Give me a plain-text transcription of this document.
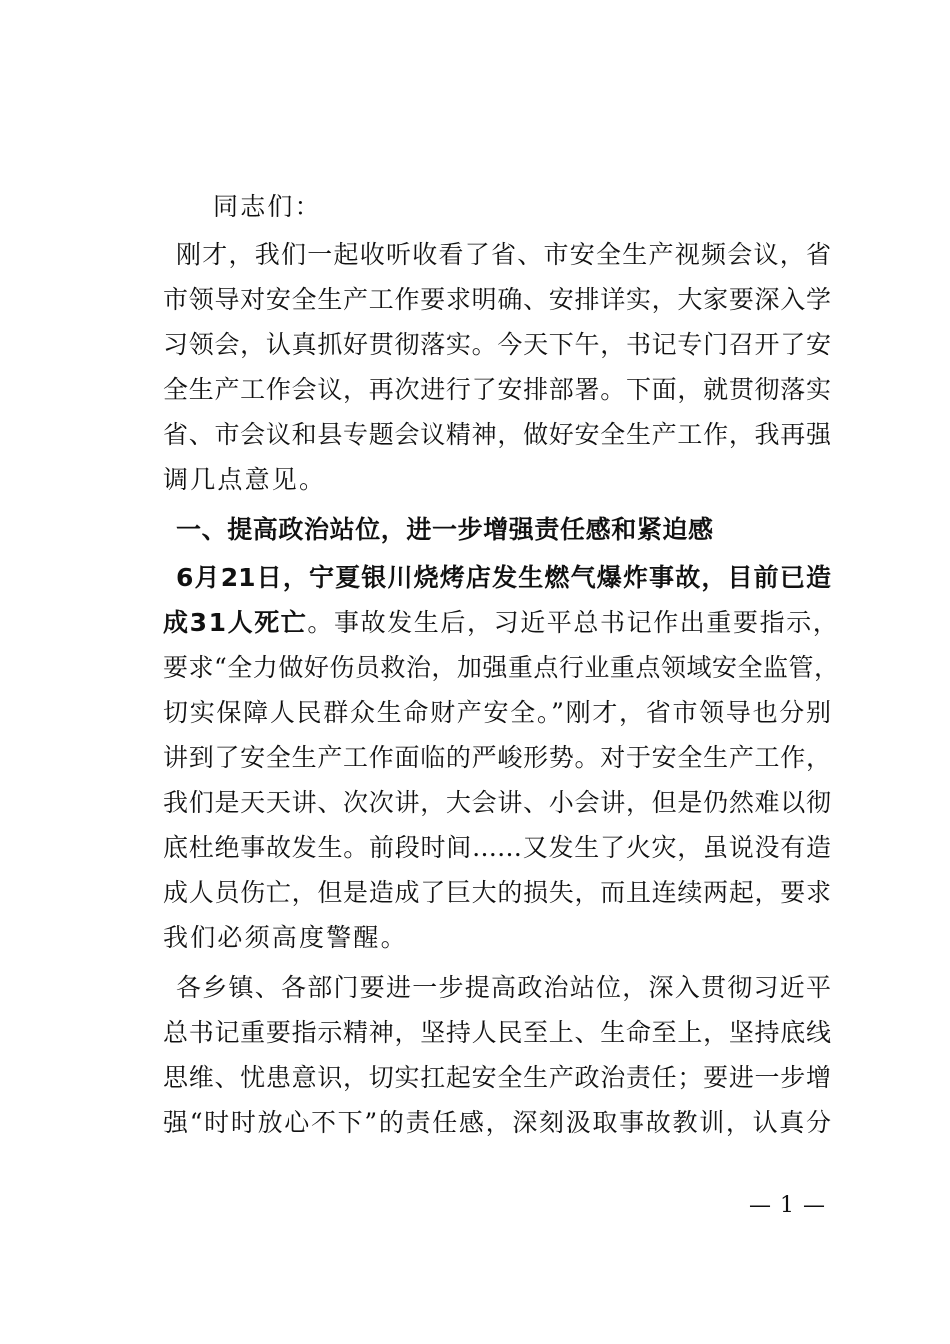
同志们：
刚才，我们一起收听收看了省、市安全生产视频会议，省
市领导对安全生产工作要求明确、安排详实，大家要深入学
习领会，认真抓好贯彻落实。今天下午，书记专门召开了安
全生产工作会议，再次进行了安排部署。下面，就贯彻落实
省、市会议和县专题会议精神，做好安全生产工作，我再强
调几点意见。
一、提高政治站位，进一步增强责任感和紧迫感
6月21日，宁夏银川烧烤店发生燃气爆炸事故，目前已造
成31人死亡。事故发生后，习近平总书记作出重要指示，
要求“全力做好伤员救治，加强重点行业重点领域安全监管，
切实保障人民群众生命财产安全。”刚才，省市领导也分别
讲到了安全生产工作面临的严峻形势。对于安全生产工作，
我们是天天讲、次次讲，大会讲、小会讲，但是仍然难以彻
底杜绝事故发生。前段时间……又发生了火灾，虽说没有造
成人员伤亡，但是造成了巨大的损失，而且连续两起，要求
我们必须高度警醒。
各乡镇、各部门要进一步提高政治站位，深入贯彻习近平
总书记重要指示精神，坚持人民至上、生命至上，坚持底线
思维、忧患意识，切实扛起安全生产政治责任；要进一步增
强“时时放心不下”的责任感，深刻汲取事故教训，认真分
— 1 —
